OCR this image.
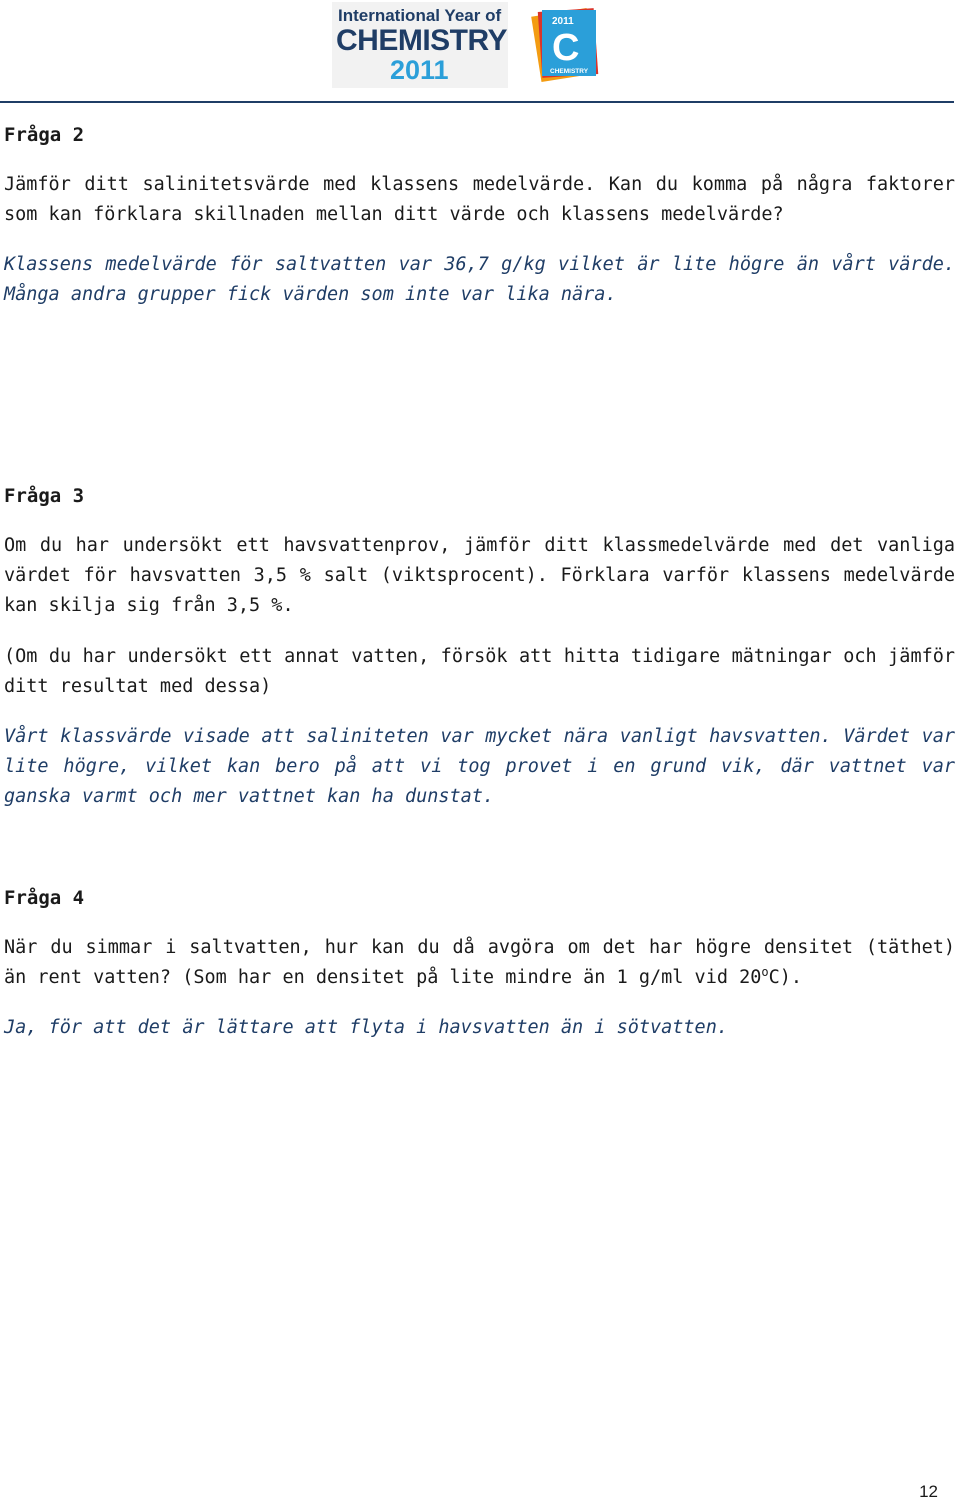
International Year of
CHEMISTRY
2011
2011
C
CHEMISTRY

Fråga 2

Jämför ditt salinitetsvärde med klassens medelvärde. Kan du komma på några faktorer som kan förklara skillnaden mellan ditt värde och klassens medelvärde?

Klassens medelvärde för saltvatten var 36,7 g/kg vilket är lite högre än vårt värde. Många andra grupper fick värden som inte var lika nära.

Fråga 3

Om du har undersökt ett havsvattenprov, jämför ditt klassmedelvärde med det vanliga värdet för havsvatten 3,5 % salt (viktsprocent). Förklara varför klassens medelvärde kan skilja sig från 3,5 %.

(Om du har undersökt ett annat vatten, försök att hitta tidigare mätningar och jämför ditt resultat med dessa)

Vårt klassvärde visade att saliniteten var mycket nära vanligt havsvatten. Värdet var lite högre, vilket kan bero på att vi tog provet i en grund vik, där vattnet var ganska varmt och mer vattnet kan ha dunstat.

Fråga 4

När du simmar i saltvatten, hur kan du då avgöra om det har högre densitet (täthet) än rent vatten? (Som har en densitet på lite mindre än 1 g/ml vid 20$^o$C).

Ja, för att det är lättare att flyta i havsvatten än i sötvatten.

12
